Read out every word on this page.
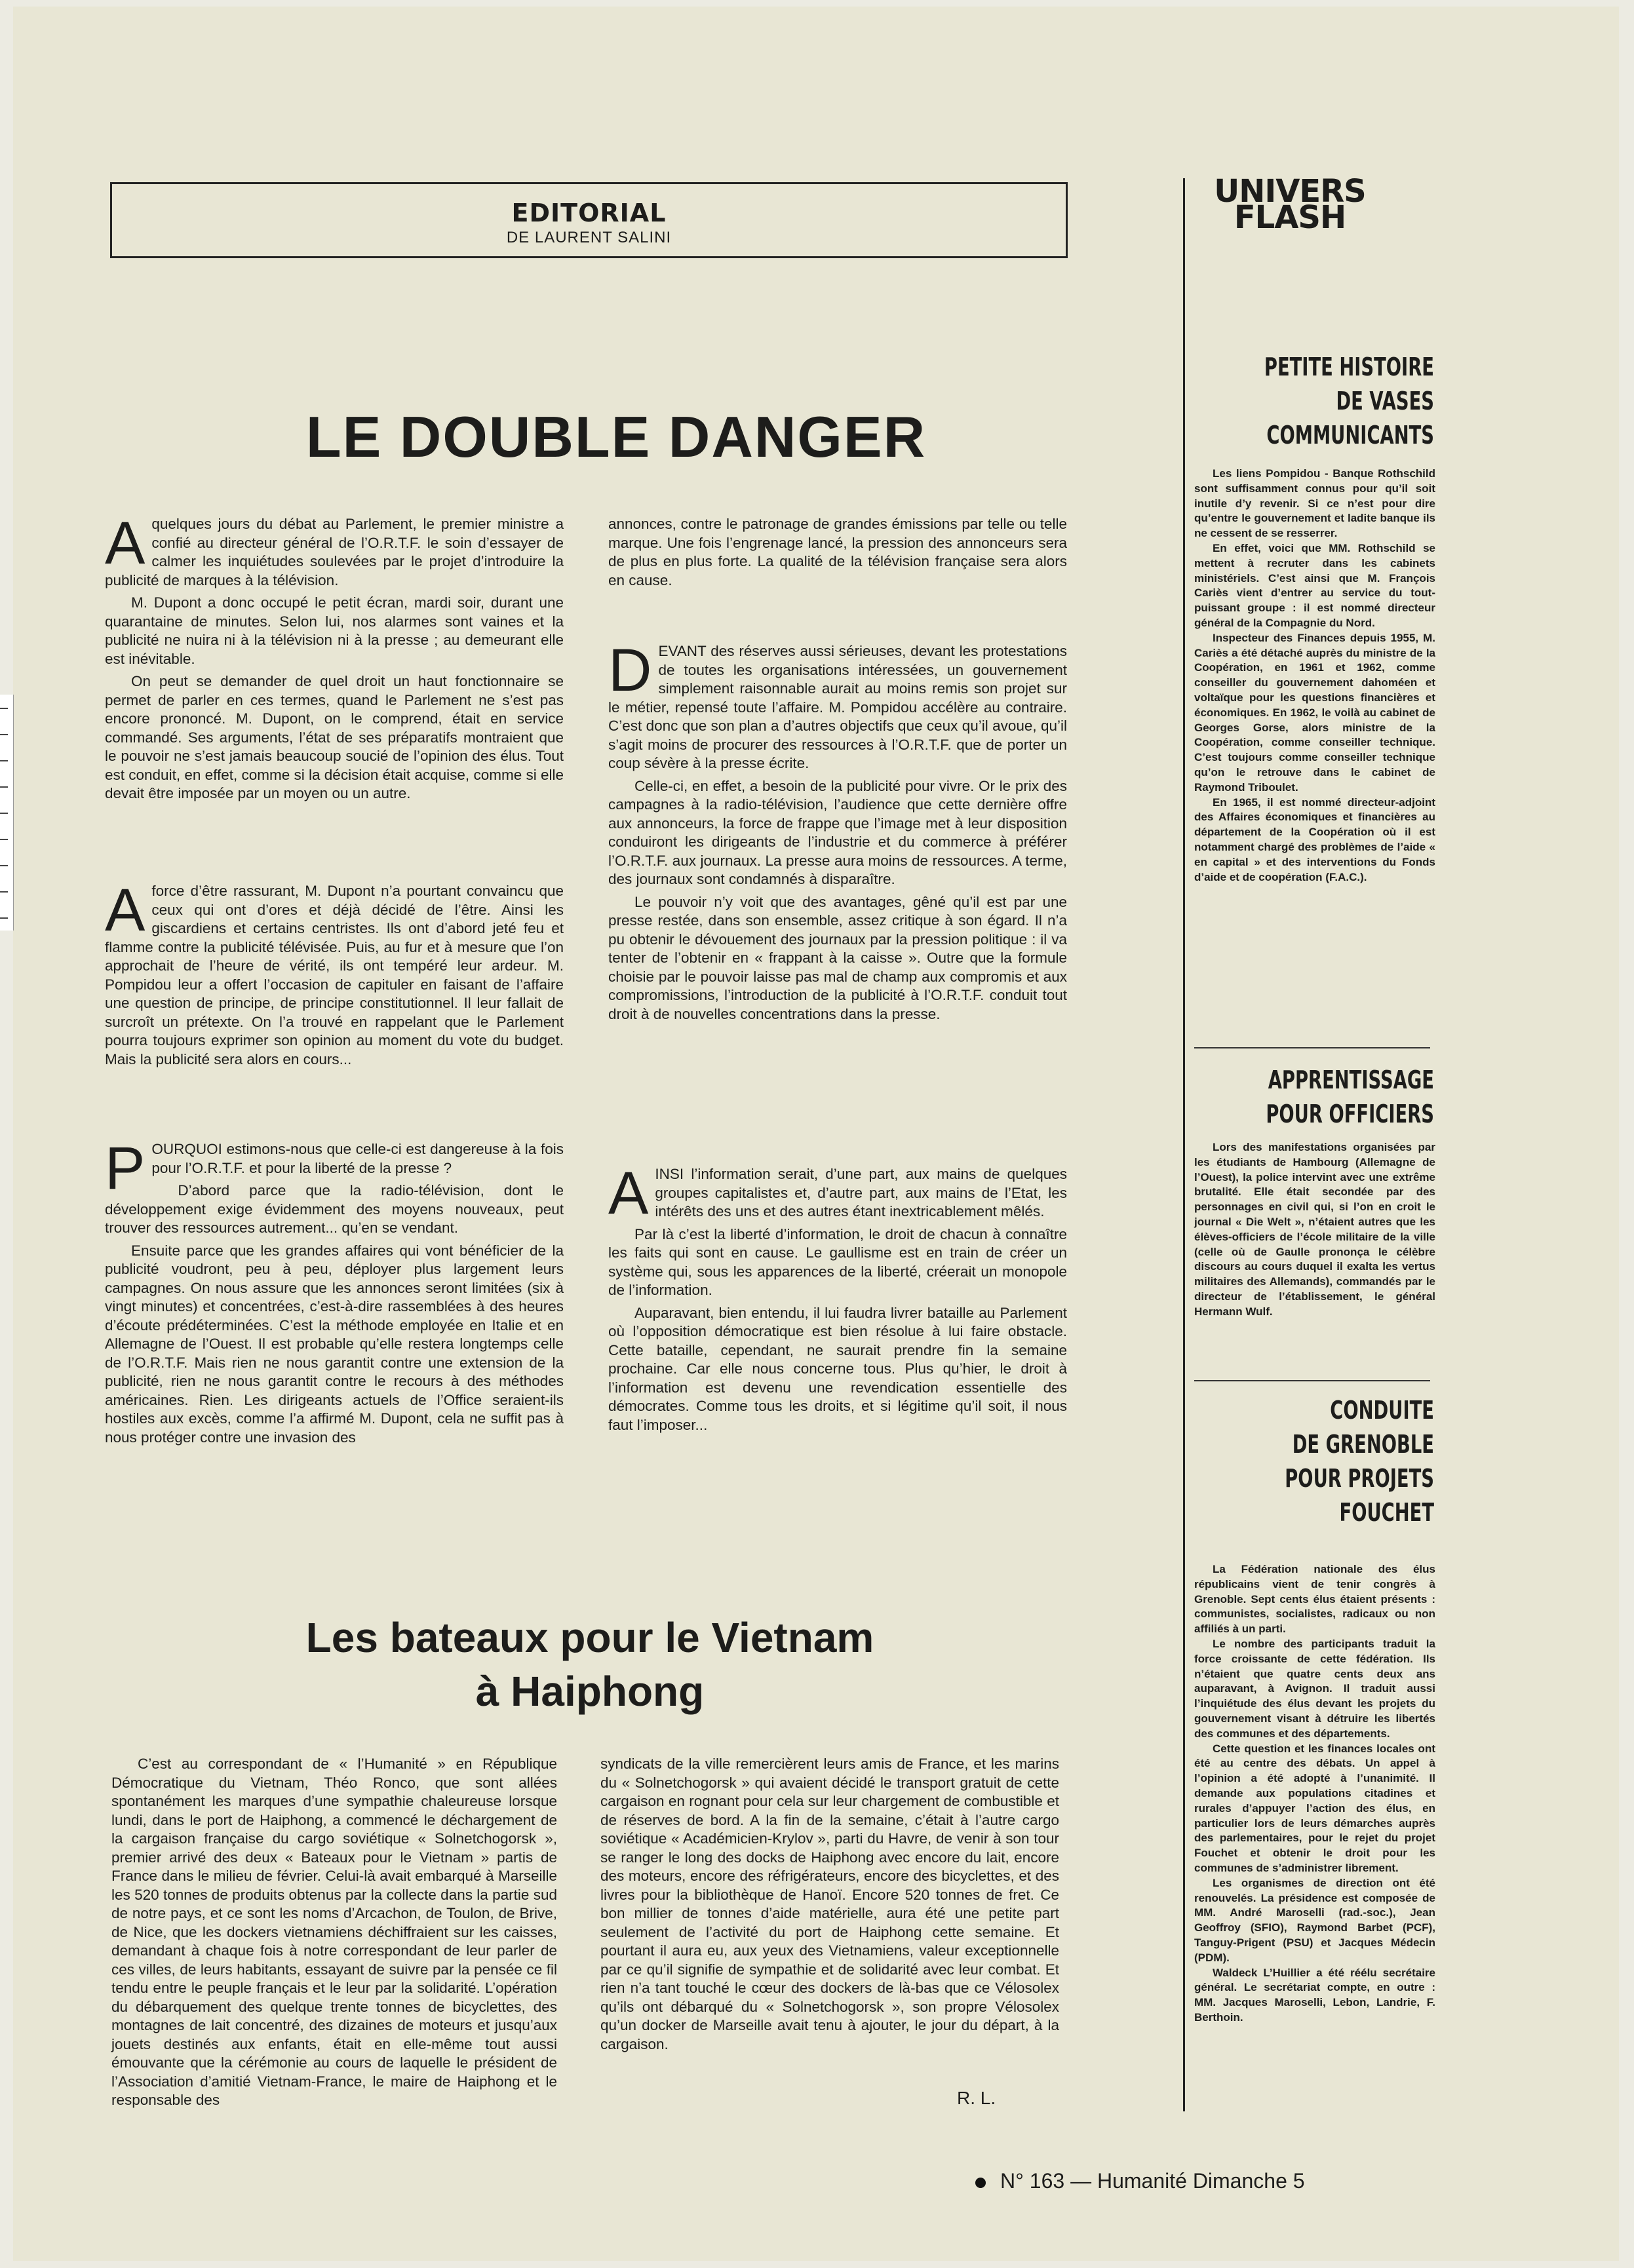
EDITORIAL
DE LAURENT SALINI
UNIVERS
FLASH
LE DOUBLE DANGER

Aquelques jours du débat au Parlement, le premier ministre a confié au directeur général de l’O.R.T.F. le soin d’essayer de calmer les inquiétudes soulevées par le projet d’introduire la publicité de marques à la télévision.

M. Dupont a donc occupé le petit écran, mardi soir, durant une quarantaine de minutes. Selon lui, nos alarmes sont vaines et la publicité ne nuira ni à la télévision ni à la presse ; au demeurant elle est inévitable.

On peut se demander de quel droit un haut fonctionnaire se permet de parler en ces termes, quand le Parlement ne s’est pas encore prononcé. M. Dupont, on le comprend, était en service commandé. Ses arguments, l’état de ses préparatifs montraient que le pouvoir ne s’est jamais beaucoup soucié de l’opinion des élus. Tout est conduit, en effet, comme si la décision était acquise, comme si elle devait être imposée par un moyen ou un autre.

Aforce d’être rassurant, M. Dupont n’a pourtant convaincu que ceux qui ont d’ores et déjà décidé de l’être. Ainsi les giscardiens et certains centristes. Ils ont d’abord jeté feu et flamme contre la publicité télévisée. Puis, au fur et à mesure que l’on approchait de l’heure de vérité, ils ont tempéré leur ardeur. M. Pompidou leur a offert l’occasion de capituler en faisant de l’affaire une question de principe, de principe constitutionnel. Il leur fallait de surcroît un prétexte. On l’a trouvé en rappelant que le Parlement pourra toujours exprimer son opinion au moment du vote du budget. Mais la publicité sera alors en cours...

POURQUOI estimons-nous que celle-ci est dangereuse à la fois pour l’O.R.T.F. et pour la liberté de la presse ?

D’abord parce que la radio-télévision, dont le développement exige évidemment des moyens nouveaux, peut trouver des ressources autrement... qu’en se vendant.

Ensuite parce que les grandes affaires qui vont bénéficier de la publicité voudront, peu à peu, déployer plus largement leurs campagnes. On nous assure que les annonces seront limitées (six à vingt minutes) et concentrées, c’est-à-dire rassemblées à des heures d’écoute prédéterminées. C’est la méthode employée en Italie et en Allemagne de l’Ouest. Il est probable qu’elle restera longtemps celle de l’O.R.T.F. Mais rien ne nous garantit contre une extension de la publicité, rien ne nous garantit contre le recours à des méthodes américaines. Rien. Les dirigeants actuels de l’Office seraient-ils hostiles aux excès, comme l’a affirmé M. Dupont, cela ne suffit pas à nous protéger contre une invasion des

annonces, contre le patronage de grandes émissions par telle ou telle marque. Une fois l’engrenage lancé, la pression des annonceurs sera de plus en plus forte. La qualité de la télévision française sera alors en cause.

DEVANT des réserves aussi sérieuses, devant les protestations de toutes les organisations intéressées, un gouvernement simplement raisonnable aurait au moins remis son projet sur le métier, repensé toute l’affaire. M. Pompidou accélère au contraire. C’est donc que son plan a d’autres objectifs que ceux qu’il avoue, qu’il s’agit moins de procurer des ressources à l’O.R.T.F. que de porter un coup sévère à la presse écrite.

Celle-ci, en effet, a besoin de la publicité pour vivre. Or le prix des campagnes à la radio-télévision, l’audience que cette dernière offre aux annonceurs, la force de frappe que l’image met à leur disposition conduiront les dirigeants de l’industrie et du commerce à préférer l’O.R.T.F. aux journaux. La presse aura moins de ressources. A terme, des journaux sont condamnés à disparaître.

Le pouvoir n’y voit que des avantages, gêné qu’il est par une presse restée, dans son ensemble, assez critique à son égard. Il n’a pu obtenir le dévouement des journaux par la pression politique : il va tenter de l’obtenir en « frappant à la caisse ». Outre que la formule choisie par le pouvoir laisse pas mal de champ aux compromis et aux compromissions, l’introduction de la publicité à l’O.R.T.F. conduit tout droit à de nouvelles concentrations dans la presse.

AINSI l’information serait, d’une part, aux mains de quelques groupes capitalistes et, d’autre part, aux mains de l’Etat, les intérêts des uns et des autres étant inextricablement mêlés.

Par là c’est la liberté d’information, le droit de chacun à connaître les faits qui sont en cause. Le gaullisme est en train de créer un système qui, sous les apparences de la liberté, créerait un monopole de l’information.

Auparavant, bien entendu, il lui faudra livrer bataille au Parlement où l’opposition démocratique est bien résolue à lui faire obstacle. Cette bataille, cependant, ne saurait prendre fin la semaine prochaine. Car elle nous concerne tous. Plus qu’hier, le droit à l’information est devenu une revendication essentielle des démocrates. Comme tous les droits, et si légitime qu’il soit, il nous faut l’imposer...

Les bateaux pour le Vietnam
à Haiphong

C’est au correspondant de « l’Humanité » en République Démocratique du Vietnam, Théo Ronco, que sont allées spontanément les marques d’une sympathie chaleureuse lorsque lundi, dans le port de Haiphong, a commencé le déchargement de la cargaison française du cargo soviétique « Solnetchogorsk », premier arrivé des deux « Bateaux pour le Vietnam » partis de France dans le milieu de février. Celui-là avait embarqué à Marseille les 520 tonnes de produits obtenus par la collecte dans la partie sud de notre pays, et ce sont les noms d’Arcachon, de Toulon, de Brive, de Nice, que les dockers vietnamiens déchiffraient sur les caisses, demandant à chaque fois à notre correspondant de leur parler de ces villes, de leurs habitants, essayant de suivre par la pensée ce fil tendu entre le peuple français et le leur par la solidarité. L’opération du débarquement des quelque trente tonnes de bicyclettes, des montagnes de lait concentré, des dizaines de moteurs et jusqu’aux jouets destinés aux enfants, était en elle-même tout aussi émouvante que la cérémonie au cours de laquelle le président de l’Association d’amitié Vietnam-France, le maire de Haiphong et le responsable des

syndicats de la ville remercièrent leurs amis de France, et les marins du « Solnetchogorsk » qui avaient décidé le transport gratuit de cette cargaison en rognant pour cela sur leur chargement de combustible et de réserves de bord. A la fin de la semaine, c’était à l’autre cargo soviétique « Académicien-Krylov », parti du Havre, de venir à son tour se ranger le long des docks de Haiphong avec encore du lait, encore des moteurs, encore des réfrigérateurs, encore des bicyclettes, et des livres pour la bibliothèque de Hanoï. Encore 520 tonnes de fret. Ce bon millier de tonnes d’aide matérielle, aura été une petite part seulement de l’activité du port de Haiphong cette semaine. Et pourtant il aura eu, aux yeux des Vietnamiens, valeur exceptionnelle par ce qu’il signifie de sympathie et de solidarité avec leur combat. Et rien n’a tant touché le cœur des dockers de là-bas que ce Vélosolex qu’ils ont débarqué du « Solnetchogorsk », son propre Vélosolex qu’un docker de Marseille avait tenu à ajouter, le jour du départ, à la cargaison.

R. L.
PETITE HISTOIRE
DE VASES
COMMUNICANTS

Les liens Pompidou - Banque Rothschild sont suffisamment connus pour qu’il soit inutile d’y revenir. Si ce n’est pour dire qu’entre le gouvernement et ladite banque ils ne cessent de se resserrer.

En effet, voici que MM. Rothschild se mettent à recruter dans les cabinets ministériels. C’est ainsi que M. François Cariès vient d’entrer au service du tout-puissant groupe : il est nommé directeur général de la Compagnie du Nord.

Inspecteur des Finances depuis 1955, M. Cariès a été détaché auprès du ministre de la Coopération, en 1961 et 1962, comme conseiller du gouvernement dahoméen et voltaïque pour les questions financières et économiques. En 1962, le voilà au cabinet de Georges Gorse, alors ministre de la Coopération, comme conseiller technique. C’est toujours comme conseiller technique qu’on le retrouve dans le cabinet de Raymond Triboulet.

En 1965, il est nommé directeur-adjoint des Affaires économiques et financières au département de la Coopération où il est notamment chargé des problèmes de l’aide « en capital » et des interventions du Fonds d’aide et de coopération (F.A.C.).

APPRENTISSAGE
POUR OFFICIERS

Lors des manifestations organisées par les étudiants de Hambourg (Allemagne de l’Ouest), la police intervint avec une extrême brutalité. Elle était secondée par des personnages en civil qui, si l’on en croit le journal « Die Welt », n’étaient autres que les élèves-officiers de l’école militaire de la ville (celle où de Gaulle prononça le célèbre discours au cours duquel il exalta les vertus militaires des Allemands), commandés par le directeur de l’établissement, le général Hermann Wulf.

CONDUITE
DE GRENOBLE
POUR PROJETS
FOUCHET

La Fédération nationale des élus républicains vient de tenir congrès à Grenoble. Sept cents élus étaient présents : communistes, socialistes, radicaux ou non affiliés à un parti.

Le nombre des participants traduit la force croissante de cette fédération. Ils n’étaient que quatre cents deux ans auparavant, à Avignon. Il traduit aussi l’inquiétude des élus devant les projets du gouvernement visant à détruire les libertés des communes et des départements.

Cette question et les finances locales ont été au centre des débats. Un appel à l’opinion a été adopté à l’unanimité. Il demande aux populations citadines et rurales d’appuyer l’action des élus, en particulier lors de leurs démarches auprès des parlementaires, pour le rejet du projet Fouchet et obtenir le droit pour les communes de s’administrer librement.

Les organismes de direction ont été renouvelés. La présidence est composée de MM. André Maroselli (rad.-soc.), Jean Geoffroy (SFIO), Raymond Barbet (PCF), Tanguy-Prigent (PSU) et Jacques Médecin (PDM).

Waldeck L’Huillier a été réélu secrétaire général. Le secrétariat compte, en outre : MM. Jacques Maroselli, Lebon, Landrie, F. Berthoin.

N° 163 — Humanité Dimanche 5
